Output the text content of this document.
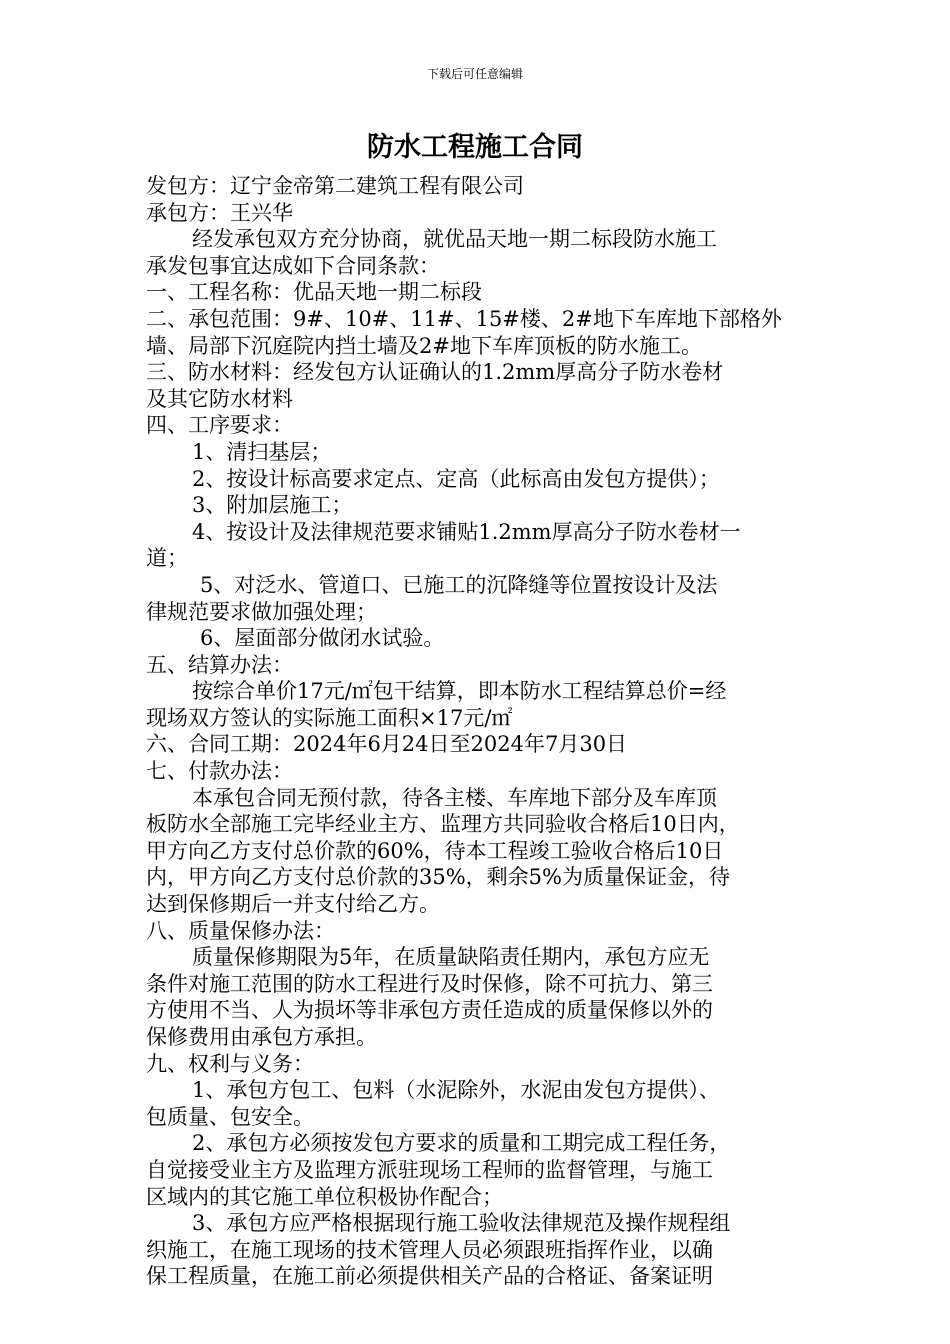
下载后可任意编辑
防水工程施工合同

发包方：辽宁金帝第二建筑工程有限公司

承包方：王兴华

经发承包双方充分协商，就优品天地一期二标段防水施工

承发包事宜达成如下合同条款：

一、工程名称：优品天地一期二标段

二、承包范围：9#、10#、11#、15#楼、2#地下车库地下部格外

墙、局部下沉庭院内挡土墙及2#地下车库顶板的防水施工。

三、防水材料：经发包方认证确认的1.2mm厚高分子防水卷材

及其它防水材料

四、工序要求：

1、清扫基层；

2、按设计标高要求定点、定高（此标高由发包方提供）；

3、附加层施工；

4、按设计及法律规范要求铺贴1.2mm厚高分子防水卷材一

道；

5、对泛水、管道口、已施工的沉降缝等位置按设计及法

律规范要求做加强处理；

6、屋面部分做闭水试验。

五、结算办法：

按综合单价17元/㎡包干结算，即本防水工程结算总价=经

现场双方签认的实际施工面积×17元/㎡

六、合同工期：2024年6月24日至2024年7月30日

七、付款办法：

本承包合同无预付款，待各主楼、车库地下部分及车库顶

板防水全部施工完毕经业主方、监理方共同验收合格后10日内，

甲方向乙方支付总价款的60%，待本工程竣工验收合格后10日

内，甲方向乙方支付总价款的35%，剩余5%为质量保证金，待

达到保修期后一并支付给乙方。

八、质量保修办法：

质量保修期限为5年，在质量缺陷责任期内，承包方应无

条件对施工范围的防水工程进行及时保修，除不可抗力、第三

方使用不当、人为损坏等非承包方责任造成的质量保修以外的

保修费用由承包方承担。

九、权利与义务：

1、承包方包工、包料（水泥除外，水泥由发包方提供）、

包质量、包安全。

2、承包方必须按发包方要求的质量和工期完成工程任务，

自觉接受业主方及监理方派驻现场工程师的监督管理，与施工

区域内的其它施工单位积极协作配合；

3、承包方应严格根据现行施工验收法律规范及操作规程组

织施工，在施工现场的技术管理人员必须跟班指挥作业，以确

保工程质量，在施工前必须提供相关产品的合格证、备案证明
